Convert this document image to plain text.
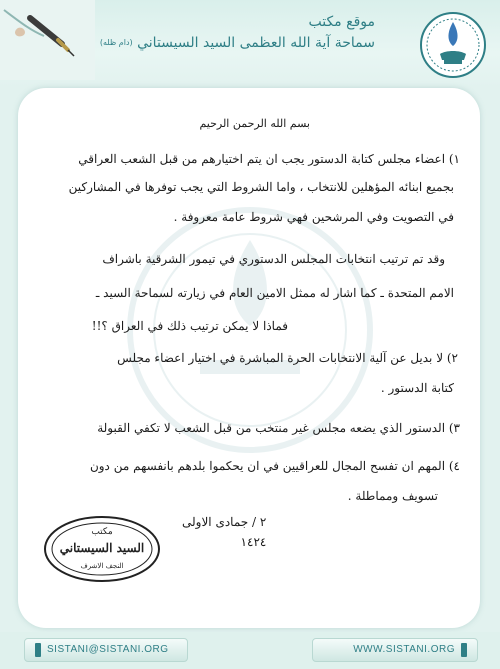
موقع مكتب
$^{(دام ظله)}$ سماحة آية الله العظمى السيد السيستاني
بسم الله الرحمن الرحيم
١) اعضاء مجلس كتابة الدستور يجب ان يتم اختيارهم من قبل الشعب العراقي
بجميع ابنائه المؤهلين للانتخاب ، واما الشروط التي يجب توفرها في المشاركين
في التصويت وفي المرشحين فهي شروط عامة معروفة .
وقد تم ترتيب انتخابات المجلس الدستوري في تيمور الشرقية باشراف
الامم المتحدة ـ كما اشار له ممثل الامين العام في زيارته لسماحة السيد ـ
فماذا لا يمكن ترتيب ذلك في العراق ؟!!
٢) لا بديل عن آلية الانتخابات الحرة المباشرة في اختيار اعضاء مجلس
كتابة الدستور .
٣) الدستور الذي يضعه مجلس غير منتخب من قبل الشعب لا تكفي القبولة
٤) المهم ان تفسح المجال للعراقيين في ان يحكموا بلدهم بانفسهم من دون
تسويف ومماطلة .
٢ / جمادى الاولى
١٤٢٤
مكتب
السيد السيستاني
النجف الاشرف
SISTANI@SISTANI.ORG	WWW.SISTANI.ORG
